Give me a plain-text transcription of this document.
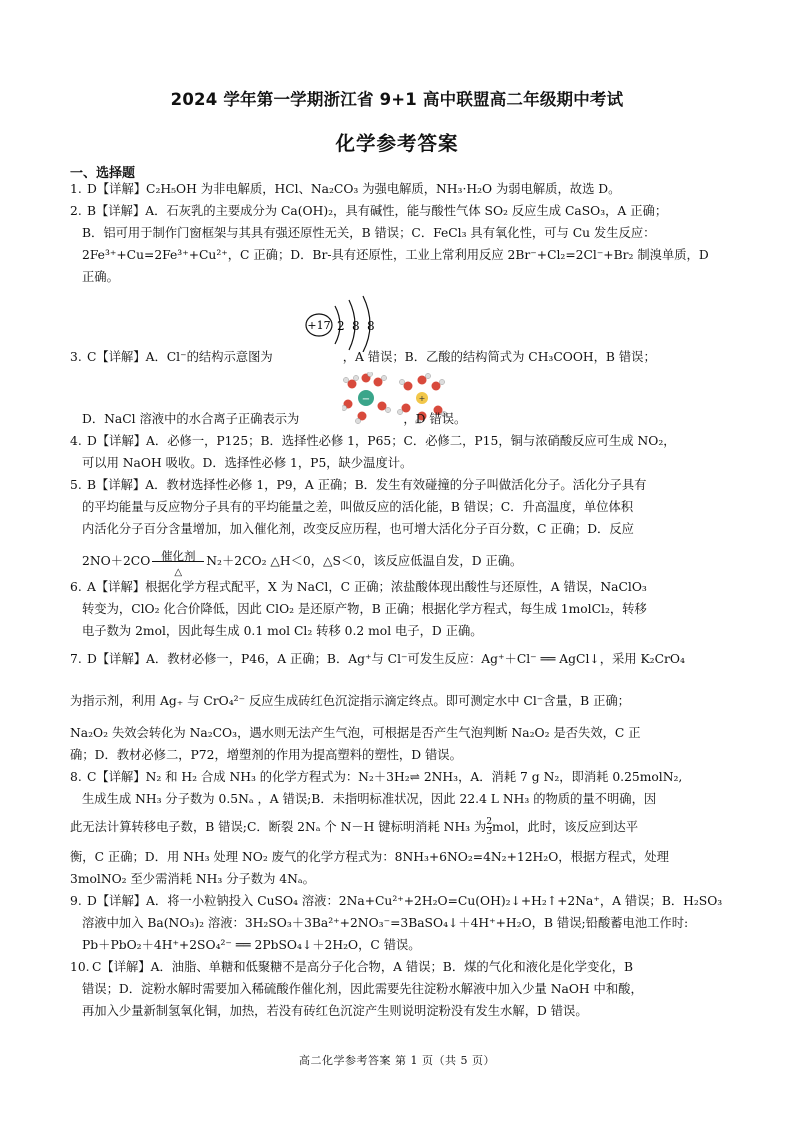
2024 学年第一学期浙江省 9+1 高中联盟高二年级期中考试
化学参考答案
一、选择题
1. D【详解】C₂H₅OH 为非电解质，HCl、Na₂CO₃ 为强电解质，NH₃·H₂O 为弱电解质，故选 D。
2. B【详解】A．石灰乳的主要成分为 Ca(OH)₂，具有碱性，能与酸性气体 SO₂ 反应生成 CaSO₃，A 正确；
B．铝可用于制作门窗框架与其具有强还原性无关，B 错误；C．FeCl₃ 具有氧化性，可与 Cu 发生反应：
2Fe³⁺+Cu=2Fe³⁺+Cu²⁺，C 正确；D．Br-具有还原性，工业上常利用反应 2Br⁻+Cl₂=2Cl⁻+Br₂ 制溴单质，D
正确。
+17 2 8 8
−	+
3. C【详解】A．Cl⁻的结构示意图为	，A 错误；B．乙酸的结构简式为 CH₃COOH，B 错误；
D．NaCl 溶液中的水合离子正确表示为	，D 错误。
4. D【详解】A．必修一，P125；B．选择性必修 1，P65；C．必修二，P15，铜与浓硝酸反应可生成 NO₂，
可以用 NaOH 吸收。D．选择性必修 1，P5，缺少温度计。
5. B【详解】A．教材选择性必修 1，P9，A 正确；B．发生有效碰撞的分子叫做活化分子。活化分子具有
的平均能量与反应物分子具有的平均能量之差，叫做反应的活化能，B 错误；C．升高温度，单位体积
内活化分子百分含量增加，加入催化剂，改变反应历程，也可增大活化分子百分数，C 正确；D．反应
2NO＋2CO 催化剂
△
N₂＋2CO₂ △H＜0，△S＜0，该反应低温自发，D 正确。
6. A【详解】根据化学方程式配平，X 为 NaCl，C 正确；浓盐酸体现出酸性与还原性，A 错误，NaClO₃
转变为，ClO₂ 化合价降低，因此 ClO₂ 是还原产物，B 正确；根据化学方程式，每生成 1molCl₂，转移
电子数为 2mol，因此每生成 0.1 mol Cl₂ 转移 0.2 mol 电子，D 正确。
7. D【详解】A．教材必修一，P46，A 正确；B．Ag⁺与 Cl⁻可发生反应：Ag⁺＋Cl⁻ ══ AgCl↓，采用 K₂CrO₄
为指示剂，利用 Ag₊ 与 CrO₄²⁻ 反应生成砖红色沉淀指示滴定终点。即可测定水中 Cl⁻含量，B 正确；
Na₂O₂ 失效会转化为 Na₂CO₃，遇水则无法产生气泡，可根据是否产生气泡判断 Na₂O₂ 是否失效，C 正
确；D．教材必修二，P72，增塑剂的作用为提高塑料的塑性，D 错误。
8. C【详解】N₂ 和 H₂ 合成 NH₃ 的化学方程式为：N₂＋3H₂⇌ 2NH₃，A．消耗 7 g N₂，即消耗 0.25molN₂,
生成生成 NH₃ 分子数为 0.5Nₐ ，A 错误;B．未指明标准状况，因此 22.4 L NH₃ 的物质的量不明确，因
此无法计算转移电子数，B 错误;C．断裂 2Nₐ 个 N－H 键标明消耗 NH₃ 为 $\frac{2}{3}$ mol，此时，该反应到达平
衡，C 正确；D．用 NH₃ 处理 NO₂ 废气的化学方程式为：8NH₃+6NO₂=4N₂+12H₂O，根据方程式，处理
3molNO₂ 至少需消耗 NH₃ 分子数为 4Nₐ。
9. D【详解】A．将一小粒钠投入 CuSO₄ 溶液：2Na+Cu²⁺+2H₂O=Cu(OH)₂↓+H₂↑+2Na⁺，A 错误；B．H₂SO₃
溶液中加入 Ba(NO₃)₂ 溶液：3H₂SO₃＋3Ba²⁺+2NO₃⁻=3BaSO₄↓＋4H⁺+H₂O，B 错误;铅酸蓄电池工作时:
Pb＋PbO₂＋4H⁺+2SO₄²⁻ ══ 2PbSO₄↓＋2H₂O，C 错误。
10. C【详解】A．油脂、单糖和低聚糖不是高分子化合物，A 错误；B．煤的气化和液化是化学变化，B
错误；D．淀粉水解时需要加入稀硫酸作催化剂，因此需要先往淀粉水解液中加入少量 NaOH 中和酸，
再加入少量新制氢氧化铜，加热，若没有砖红色沉淀产生则说明淀粉没有发生水解，D 错误。
高二化学参考答案 第 1 页（共 5 页）
